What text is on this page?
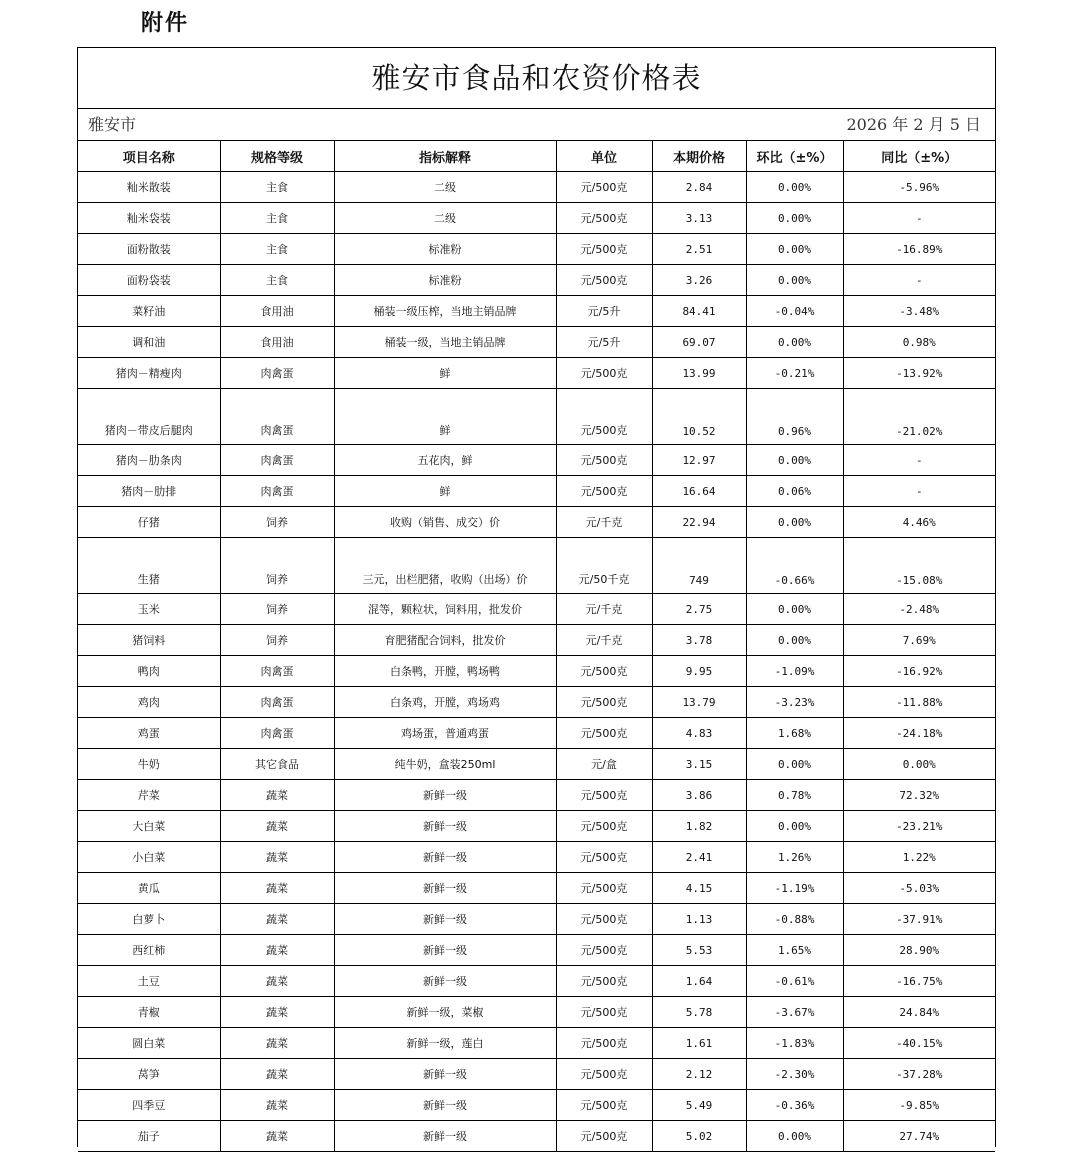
附件
雅安市食品和农资价格表
雅安市	2026 年 2 月 5 日
项目名称	规格等级	指标解释	单位	本期价格	环比（±%）	同比（±%）
籼米散装	主食	二级	元/500克	2.84	0.00%	-5.96%
籼米袋装	主食	二级	元/500克	3.13	0.00%	-
面粉散装	主食	标准粉	元/500克	2.51	0.00%	-16.89%
面粉袋装	主食	标准粉	元/500克	3.26	0.00%	-
菜籽油	食用油	桶装一级压榨，当地主销品牌	元/5升	84.41	-0.04%	-3.48%
调和油	食用油	桶装一级，当地主销品牌	元/5升	69.07	0.00%	0.98%
猪肉－精瘦肉	肉禽蛋	鲜	元/500克	13.99	-0.21%	-13.92%
猪肉－带皮后腿肉	肉禽蛋	鲜	元/500克	10.52	0.96%	-21.02%
猪肉－肋条肉	肉禽蛋	五花肉，鲜	元/500克	12.97	0.00%	-
猪肉－肋排	肉禽蛋	鲜	元/500克	16.64	0.06%	-
仔猪	饲养	收购（销售、成交）价	元/千克	22.94	0.00%	4.46%
生猪	饲养	三元，出栏肥猪，收购（出场）价	元/50千克	749	-0.66%	-15.08%
玉米	饲养	混等，颗粒状，饲料用，批发价	元/千克	2.75	0.00%	-2.48%
猪饲料	饲养	育肥猪配合饲料，批发价	元/千克	3.78	0.00%	7.69%
鸭肉	肉禽蛋	白条鸭，开膛，鸭场鸭	元/500克	9.95	-1.09%	-16.92%
鸡肉	肉禽蛋	白条鸡，开膛，鸡场鸡	元/500克	13.79	-3.23%	-11.88%
鸡蛋	肉禽蛋	鸡场蛋，普通鸡蛋	元/500克	4.83	1.68%	-24.18%
牛奶	其它食品	纯牛奶，盒装250ml	元/盒	3.15	0.00%	0.00%
芹菜	蔬菜	新鲜一级	元/500克	3.86	0.78%	72.32%
大白菜	蔬菜	新鲜一级	元/500克	1.82	0.00%	-23.21%
小白菜	蔬菜	新鲜一级	元/500克	2.41	1.26%	1.22%
黄瓜	蔬菜	新鲜一级	元/500克	4.15	-1.19%	-5.03%
白萝卜	蔬菜	新鲜一级	元/500克	1.13	-0.88%	-37.91%
西红柿	蔬菜	新鲜一级	元/500克	5.53	1.65%	28.90%
土豆	蔬菜	新鲜一级	元/500克	1.64	-0.61%	-16.75%
青椒	蔬菜	新鲜一级，菜椒	元/500克	5.78	-3.67%	24.84%
圆白菜	蔬菜	新鲜一级，莲白	元/500克	1.61	-1.83%	-40.15%
莴笋	蔬菜	新鲜一级	元/500克	2.12	-2.30%	-37.28%
四季豆	蔬菜	新鲜一级	元/500克	5.49	-0.36%	-9.85%
茄子	蔬菜	新鲜一级	元/500克	5.02	0.00%	27.74%
